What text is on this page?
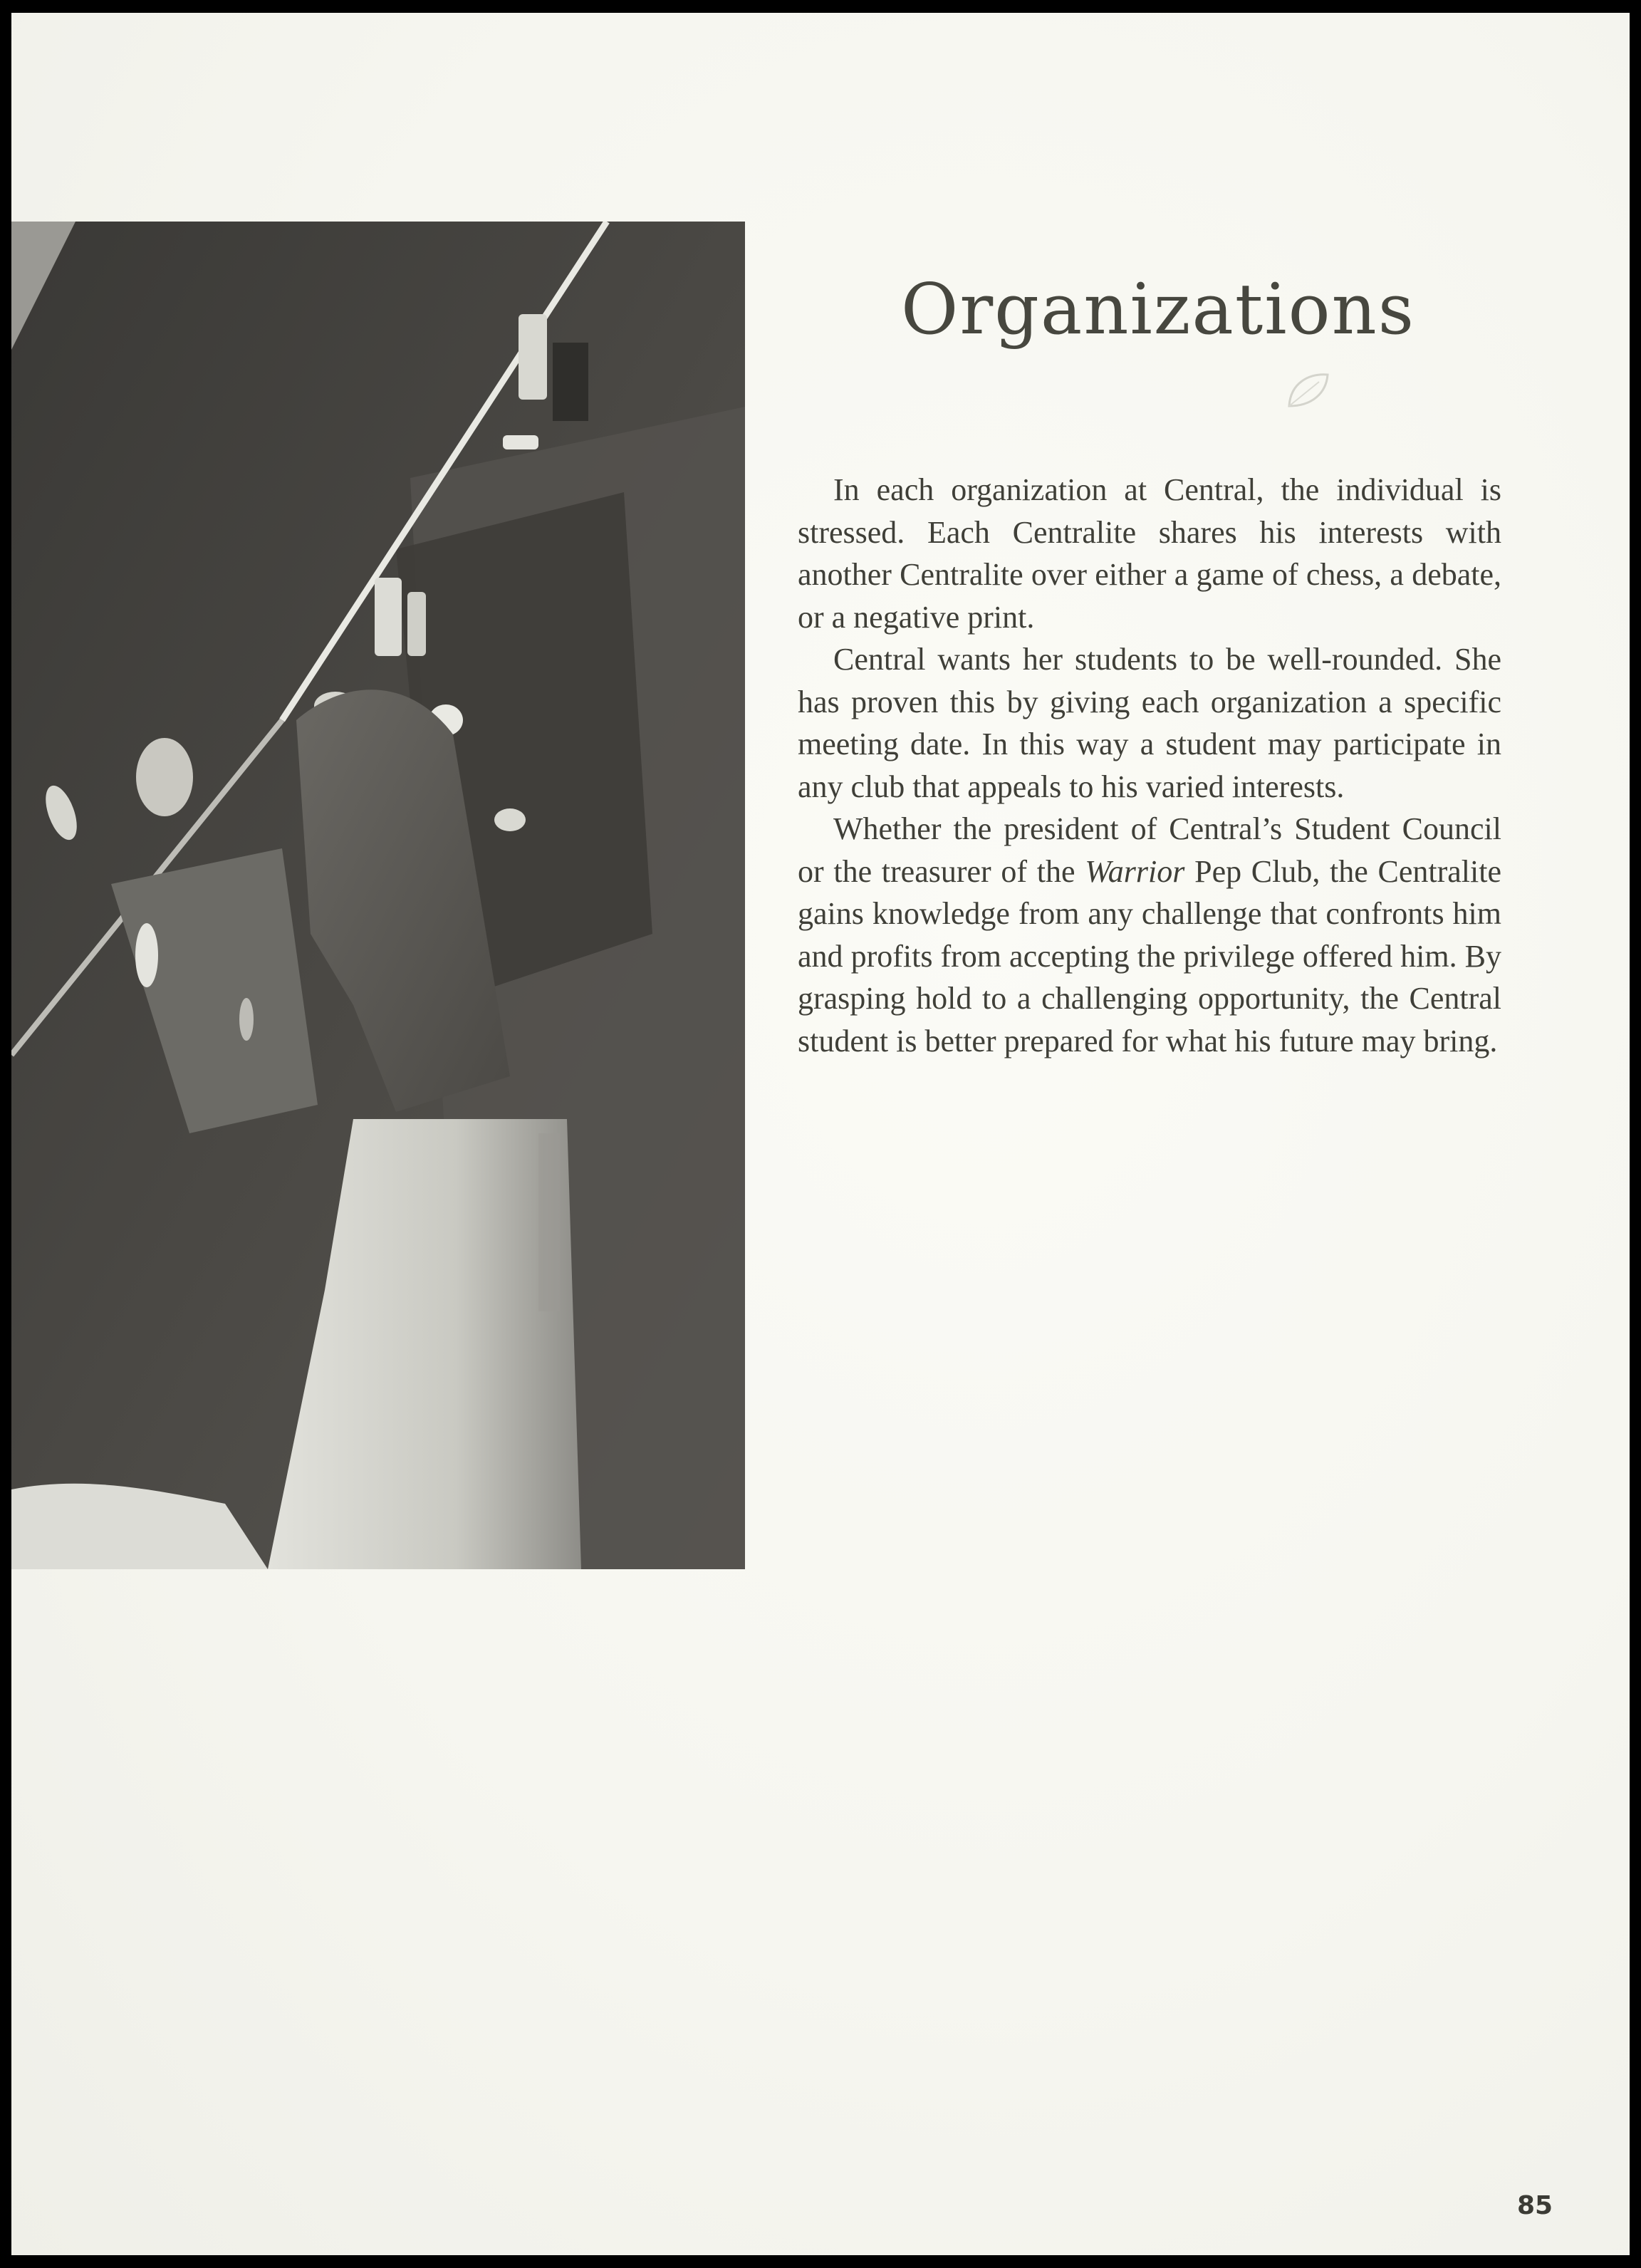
Organizations

In each organization at Central, the individual is stressed. Each Centralite shares his interests with another Centralite over either a game of chess, a debate, or a negative print.

Central wants her students to be well-rounded. She has proven this by giving each organization a specific meeting date. In this way a student may participate in any club that appeals to his varied interests.

Whether the president of Central’s Student Council or the treasurer of the Warrior Pep Club, the Centralite gains knowledge from any challenge that confronts him and profits from accepting the privilege offered him. By grasping hold to a challenging opportunity, the Central student is better prepared for what his future may bring.

85
